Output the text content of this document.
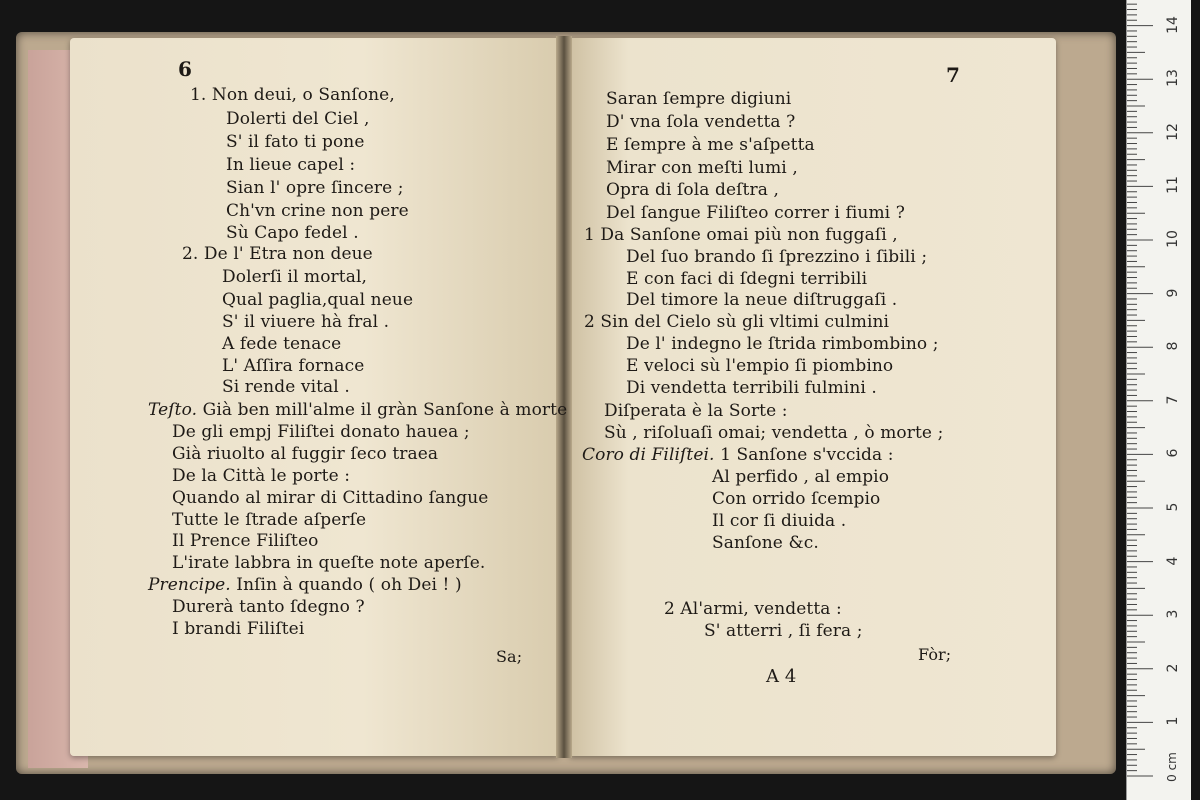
6
1. Non deui, o Sanſone,
Dolerti del Ciel ,
S' il fato ti pone
In lieue capel :
Sian l' opre ſincere ;
Ch'vn crine non pere
Sù Capo fedel .
2. De l' Etra non deue
Dolerſi il mortal,
Qual paglia,qual neue
S' il viuere hà fral .
A fede tenace
L' Aſſira fornace
Si rende vital .
Teſto. Già ben mill'alme il gràn Sanſone à morte
De gli empj Filiſtei donato hauea ;
Già riuolto al fuggir ſeco traea
De la Città le porte :
Quando al mirar di Cittadino ſangue
Tutte le ſtrade aſperſe
Il Prence Filiſteo
L'irate labbra in queſte note aperſe.
Prencipe. Inſin à quando ( oh Dei ! )
Durerà tanto ſdegno ?
I brandi Filiſtei
Sa;
7
Saran ſempre digiuni
D' vna ſola vendetta ?
E ſempre à me s'aſpetta
Mirar con meſti lumi ,
Opra di ſola deſtra ,
Del ſangue Filiſteo correr i fiumi ?
1 Da Sanſone omai più non fuggaſi ,
Del ſuo brando ſi ſprezzino i ſibili ;
E con faci di ſdegni terribili
Del timore la neue diſtruggaſi .
2 Sin del Cielo sù gli vltimi culmini
De l' indegno le ſtrida rimbombino ;
E veloci sù l'empio ſi piombino
Di vendetta terribili fulmini .
Diſperata è la Sorte :
Sù , riſoluaſi omai; vendetta , ò morte ;
Coro di Filiſtei. 1 Sanſone s'vccida :
Al perfido , al empio
Con orrido ſcempio
Il cor ſi diuida .
Sanſone &c.
2 Al'armi, vendetta :
S' atterri , ſi fera ;
A 4
Fòr;
14
13
12
11
10
9
8
7
6
5
4
3
2
1
0 cm
